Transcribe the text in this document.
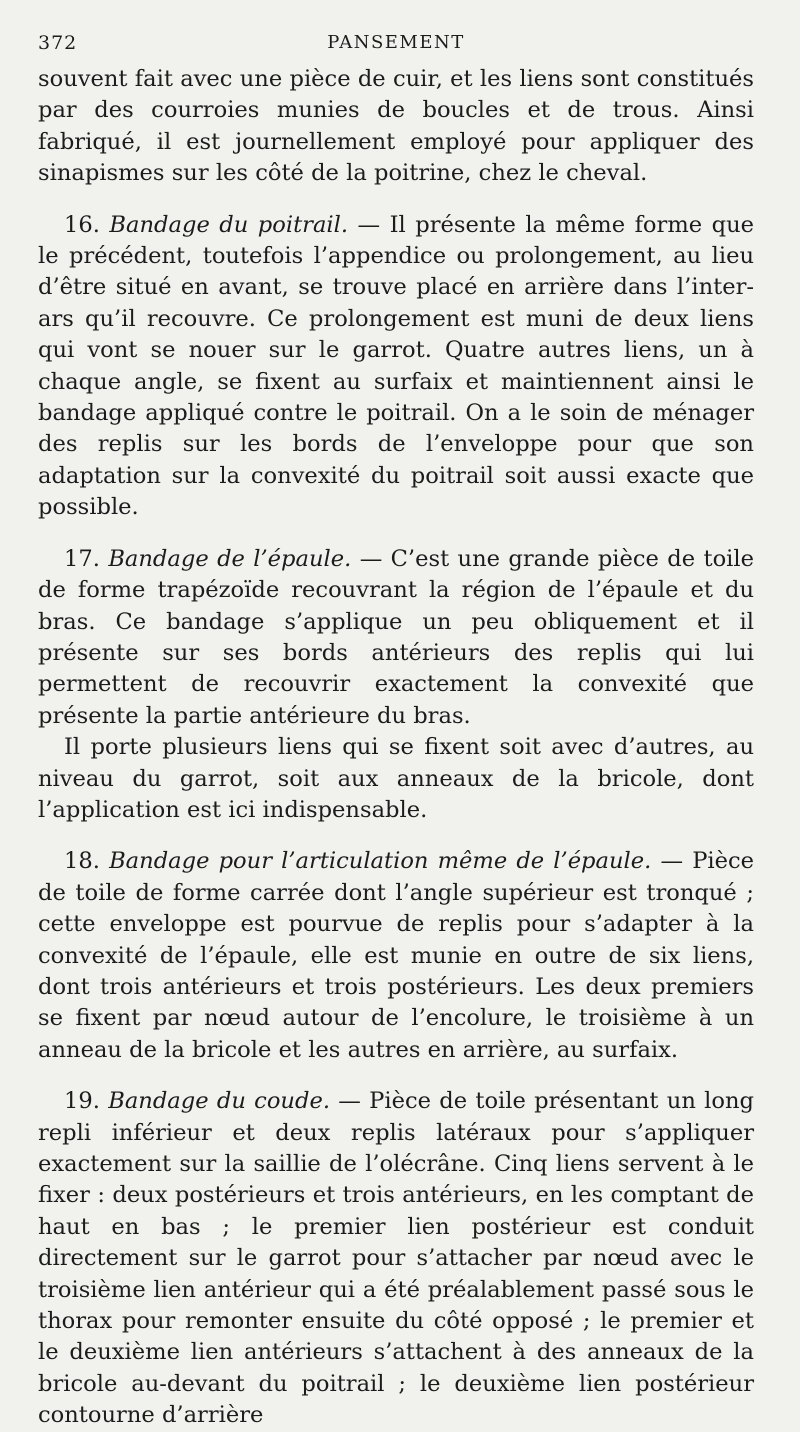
372	PANSEMENT

souvent fait avec une pièce de cuir, et les liens sont constitués par des courroies munies de boucles et de trous. Ainsi fabriqué, il est journellement employé pour appliquer des sinapismes sur les côté de la poitrine, chez le cheval.

16. Bandage du poitrail. — Il présente la même forme que le précédent, toutefois l’appendice ou prolongement, au lieu d’être situé en avant, se trouve placé en arrière dans l’inter-ars qu’il recouvre. Ce prolongement est muni de deux liens qui vont se nouer sur le garrot. Quatre autres liens, un à chaque angle, se fixent au surfaix et maintiennent ainsi le bandage appliqué contre le poitrail. On a le soin de ménager des replis sur les bords de l’enveloppe pour que son adaptation sur la convexité du poitrail soit aussi exacte que possible.

17. Bandage de l’épaule. — C’est une grande pièce de toile de forme trapézoïde recouvrant la région de l’épaule et du bras. Ce bandage s’applique un peu obliquement et il présente sur ses bords antérieurs des replis qui lui permettent de recouvrir exactement la convexité que présente la partie antérieure du bras.

Il porte plusieurs liens qui se fixent soit avec d’autres, au niveau du garrot, soit aux anneaux de la bricole, dont l’application est ici indispensable.

18. Bandage pour l’articulation même de l’épaule. — Pièce de toile de forme carrée dont l’angle supérieur est tronqué ; cette enveloppe est pourvue de replis pour s’adapter à la convexité de l’épaule, elle est munie en outre de six liens, dont trois antérieurs et trois postérieurs. Les deux premiers se fixent par nœud autour de l’encolure, le troisième à un anneau de la bricole et les autres en arrière, au surfaix.

19. Bandage du coude. — Pièce de toile présentant un long repli inférieur et deux replis latéraux pour s’appliquer exactement sur la saillie de l’olécrâne. Cinq liens servent à le fixer : deux postérieurs et trois antérieurs, en les comptant de haut en bas ; le premier lien postérieur est conduit directement sur le garrot pour s’attacher par nœud avec le troisième lien antérieur qui a été préalablement passé sous le thorax pour remonter ensuite du côté opposé ; le premier et le deuxième lien antérieurs s’attachent à des anneaux de la bricole au-devant du poitrail ; le deuxième lien postérieur contourne d’arrière
